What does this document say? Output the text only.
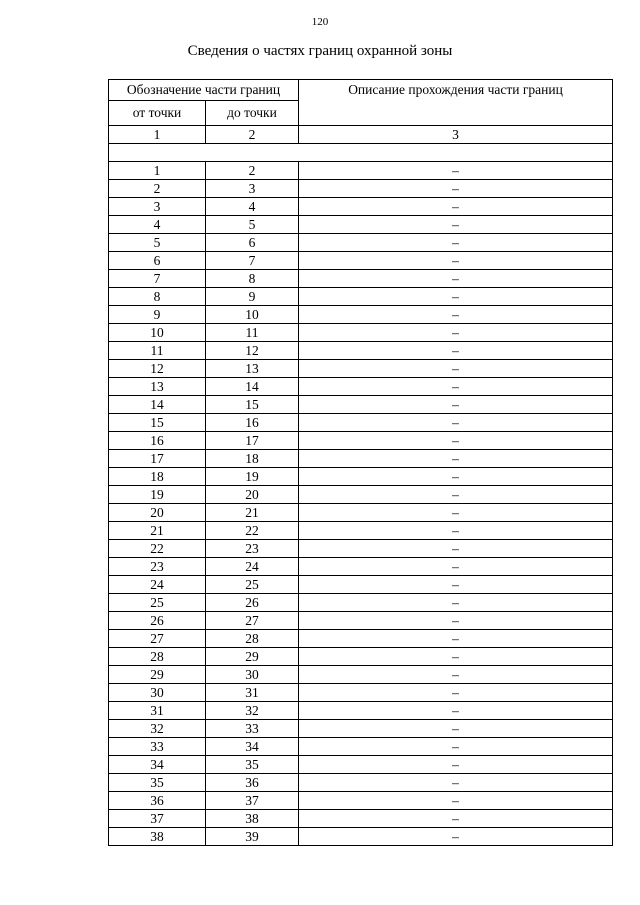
120
Сведения о частях границ охранной зоны
Обозначение части границ		Описание прохождения части границ
от точки	до точки	
1	2	3

1	2	–
2	3	–
3	4	–
4	5	–
5	6	–
6	7	–
7	8	–
8	9	–
9	10	–
10	11	–
11	12	–
12	13	–
13	14	–
14	15	–
15	16	–
16	17	–
17	18	–
18	19	–
19	20	–
20	21	–
21	22	–
22	23	–
23	24	–
24	25	–
25	26	–
26	27	–
27	28	–
28	29	–
29	30	–
30	31	–
31	32	–
32	33	–
33	34	–
34	35	–
35	36	–
36	37	–
37	38	–
38	39	–
